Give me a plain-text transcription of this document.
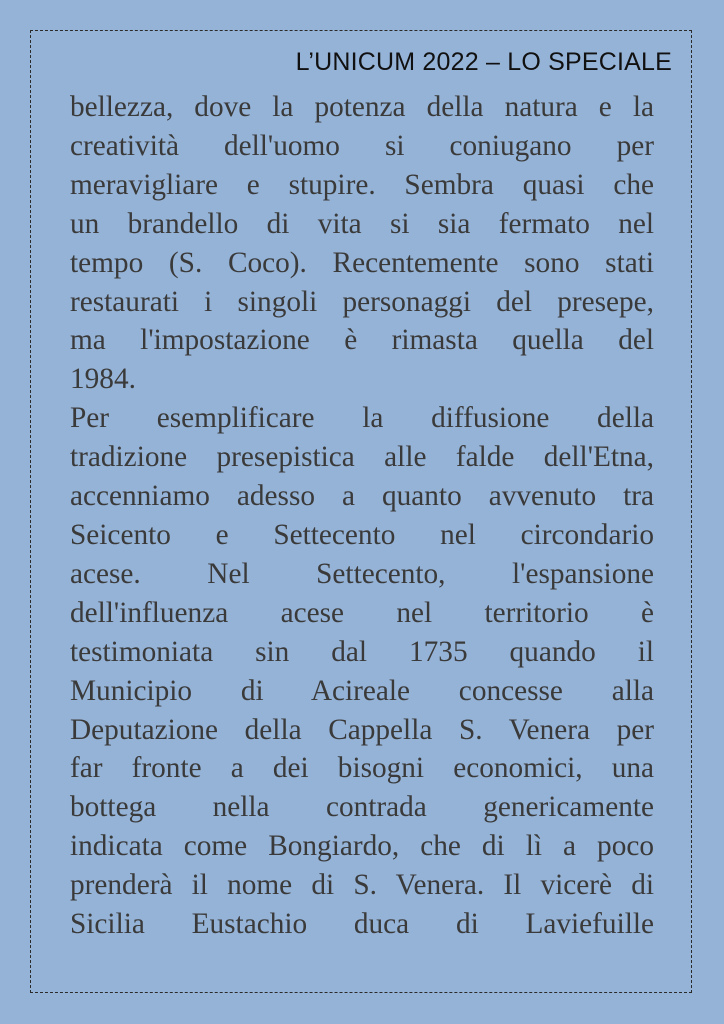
L’UNICUM 2022 – LO SPECIALE
bellezza, dove la potenza della natura e la
creatività dell'uomo si coniugano per
meravigliare e stupire. Sembra quasi che
un brandello di vita si sia fermato nel
tempo (S. Coco). Recentemente sono stati
restaurati i singoli personaggi del presepe,
ma l'impostazione è rimasta quella del
1984.
Per esemplificare la diffusione della
tradizione presepistica alle falde dell'Etna,
accenniamo adesso a quanto avvenuto tra
Seicento e Settecento nel circondario
acese. Nel Settecento, l'espansione
dell'influenza acese nel territorio è
testimoniata sin dal 1735 quando il
Municipio di Acireale concesse alla
Deputazione della Cappella S. Venera per
far fronte a dei bisogni economici, una
bottega nella contrada genericamente
indicata come Bongiardo, che di lì a poco
prenderà il nome di S. Venera. Il vicerè di
Sicilia Eustachio duca di Laviefuille
